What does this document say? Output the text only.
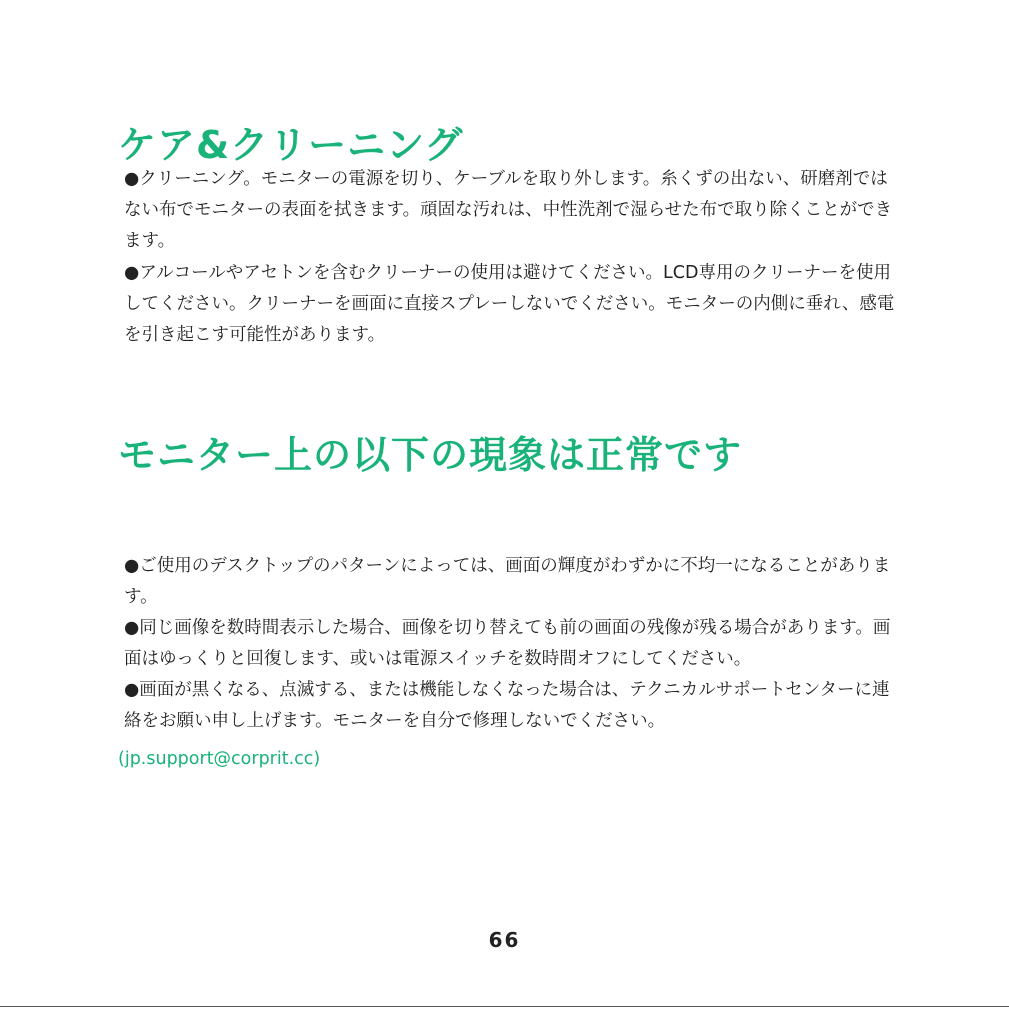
ケア&クリーニング

●クリーニング。モニターの電源を切り、ケーブルを取り外します。糸くずの出ない、研磨剤ではない布でモニターの表面を拭きます。頑固な汚れは、中性洗剤で湿らせた布で取り除くことができます。

●アルコールやアセトンを含むクリーナーの使用は避けてください。LCD専用のクリーナーを使用してください。クリーナーを画面に直接スプレーしないでください。モニターの内側に垂れ、感電を引き起こす可能性があります。

モニター上の以下の現象は正常です

●ご使用のデスクトップのパターンによっては、画面の輝度がわずかに不均一になることがあります。

●同じ画像を数時間表示した場合、画像を切り替えても前の画面の残像が残る場合があります。画面はゆっくりと回復します、或いは電源スイッチを数時間オフにしてください。

●画面が黒くなる、点滅する、または機能しなくなった場合は、テクニカルサポートセンターに連絡をお願い申し上げます。モニターを自分で修理しないでください。

(jp.support@corprit.cc)

66
